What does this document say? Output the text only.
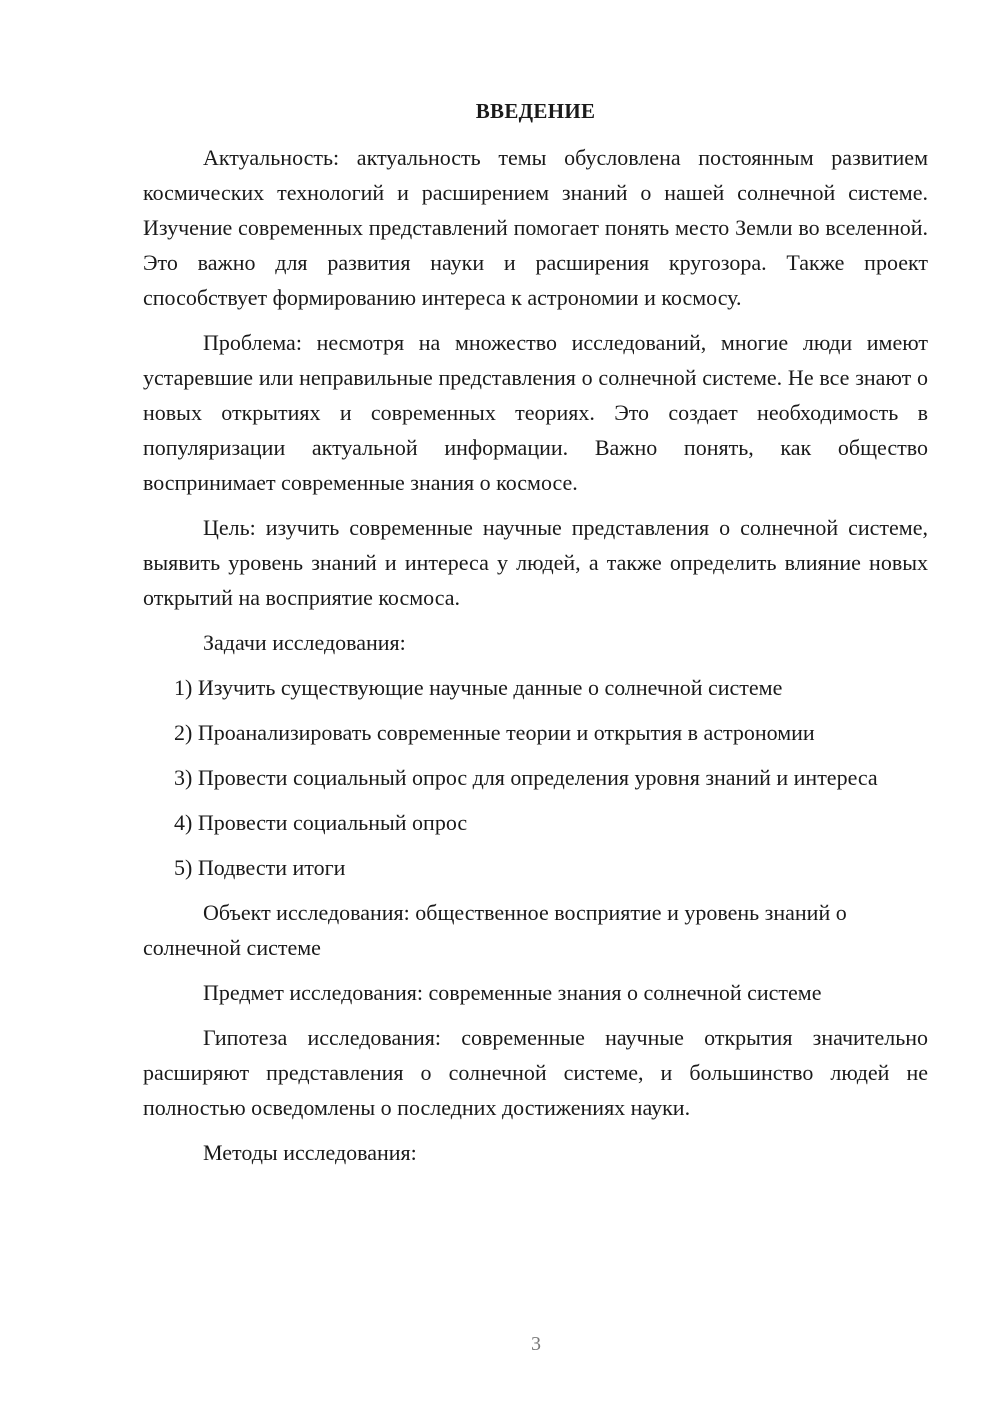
ВВЕДЕНИЕ

Актуальность: актуальность темы обусловлена постоянным развитием космических технологий и расширением знаний о нашей солнечной системе. Изучение современных представлений помогает понять место Земли во вселенной. Это важно для развития науки и расширения кругозора. Также проект способствует формированию интереса к астрономии и космосу.

Проблема: несмотря на множество исследований, многие люди имеют устаревшие или неправильные представления о солнечной системе. Не все знают о новых открытиях и современных теориях. Это создает необходимость в популяризации актуальной информации. Важно понять, как общество воспринимает современные знания о космосе.

Цель: изучить современные научные представления о солнечной системе, выявить уровень знаний и интереса у людей, а также определить влияние новых открытий на восприятие космоса.

Задачи исследования:

1) Изучить существующие научные данные о солнечной системе

2) Проанализировать современные теории и открытия в астрономии

3) Провести социальный опрос для определения уровня знаний и интереса

4) Провести социальный опрос

5) Подвести итоги

Объект исследования: общественное восприятие и уровень знаний о солнечной системе

Предмет исследования: современные знания о солнечной системе

Гипотеза исследования: современные научные открытия значительно расширяют представления о солнечной системе, и большинство людей не полностью осведомлены о последних достижениях науки.

Методы исследования:

3
